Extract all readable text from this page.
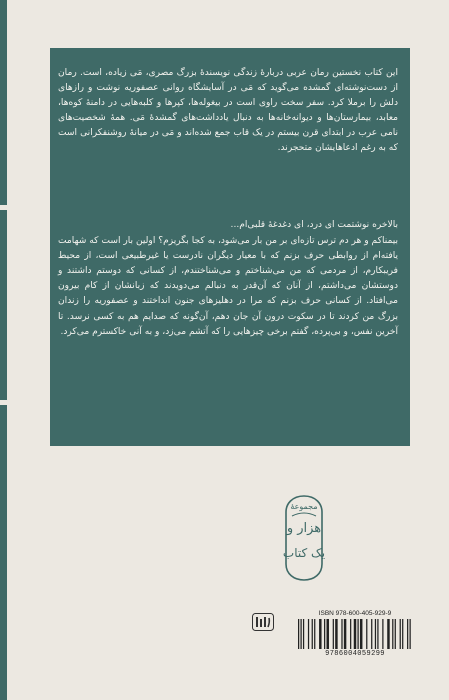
این کتاب نخستین رمان عربی دربارهٔ زندگی نویسندهٔ بزرگ مصری، مَی زیاده، است. رمان از دست‌نوشته‌ای گمشده می‌گوید که مَی در آسایشگاه روانی عصفوریه نوشت و رازهای دلش را برملا کرد. سفر سخت راوی است در بیغوله‌ها، کپرها و کلبه‌هایی در دامنهٔ کوه‌ها، معابد، بیمارستان‌ها و دیوانه‌خانه‌ها به دنبال یادداشت‌های گمشدهٔ مَی. همهٔ شخصیت‌های نامی عرب در ابتدای قرن بیستم در یک قاب جمع شده‌اند و مَی در میانهٔ روشنفکرانی است که به رغم ادعاهایشان متحجرند.

بالاخره نوشتمت ای درد، ای دغدغهٔ قلبی‌ام...
بیمناکم و هر دم ترس تازه‌ای بر من بار می‌شود، به کجا بگریزم؟ اولین بار است که شهامت یافته‌ام از روابطی حرف بزنم که با معیار دیگران نادرست یا غیرطبیعی است، از محیط فریبکارم، از مردمی که من می‌شناختم و می‌شناختندم، از کسانی که دوستم داشتند و دوستشان می‌داشتم، از آنان که آن‌قدر به دنبالم می‌دویدند که زبانشان از کام بیرون می‌افتاد. از کسانی حرف بزنم که مرا در دهلیزهای جنون انداختند و عصفوریه را زندان بزرگ من کردند تا در سکوت درون آن جان دهم، آن‌گونه که صدایم هم به کسی نرسد. تا آخرین نفس، و بی‌پرده، گفتم برخی چیزهایی را که آتشم می‌زد، و به آنی خاکسترم می‌کرد.

مجموعهٔ
هزار و
یک کتاب
ISBN 978-600-405-929-9
9786004059299
